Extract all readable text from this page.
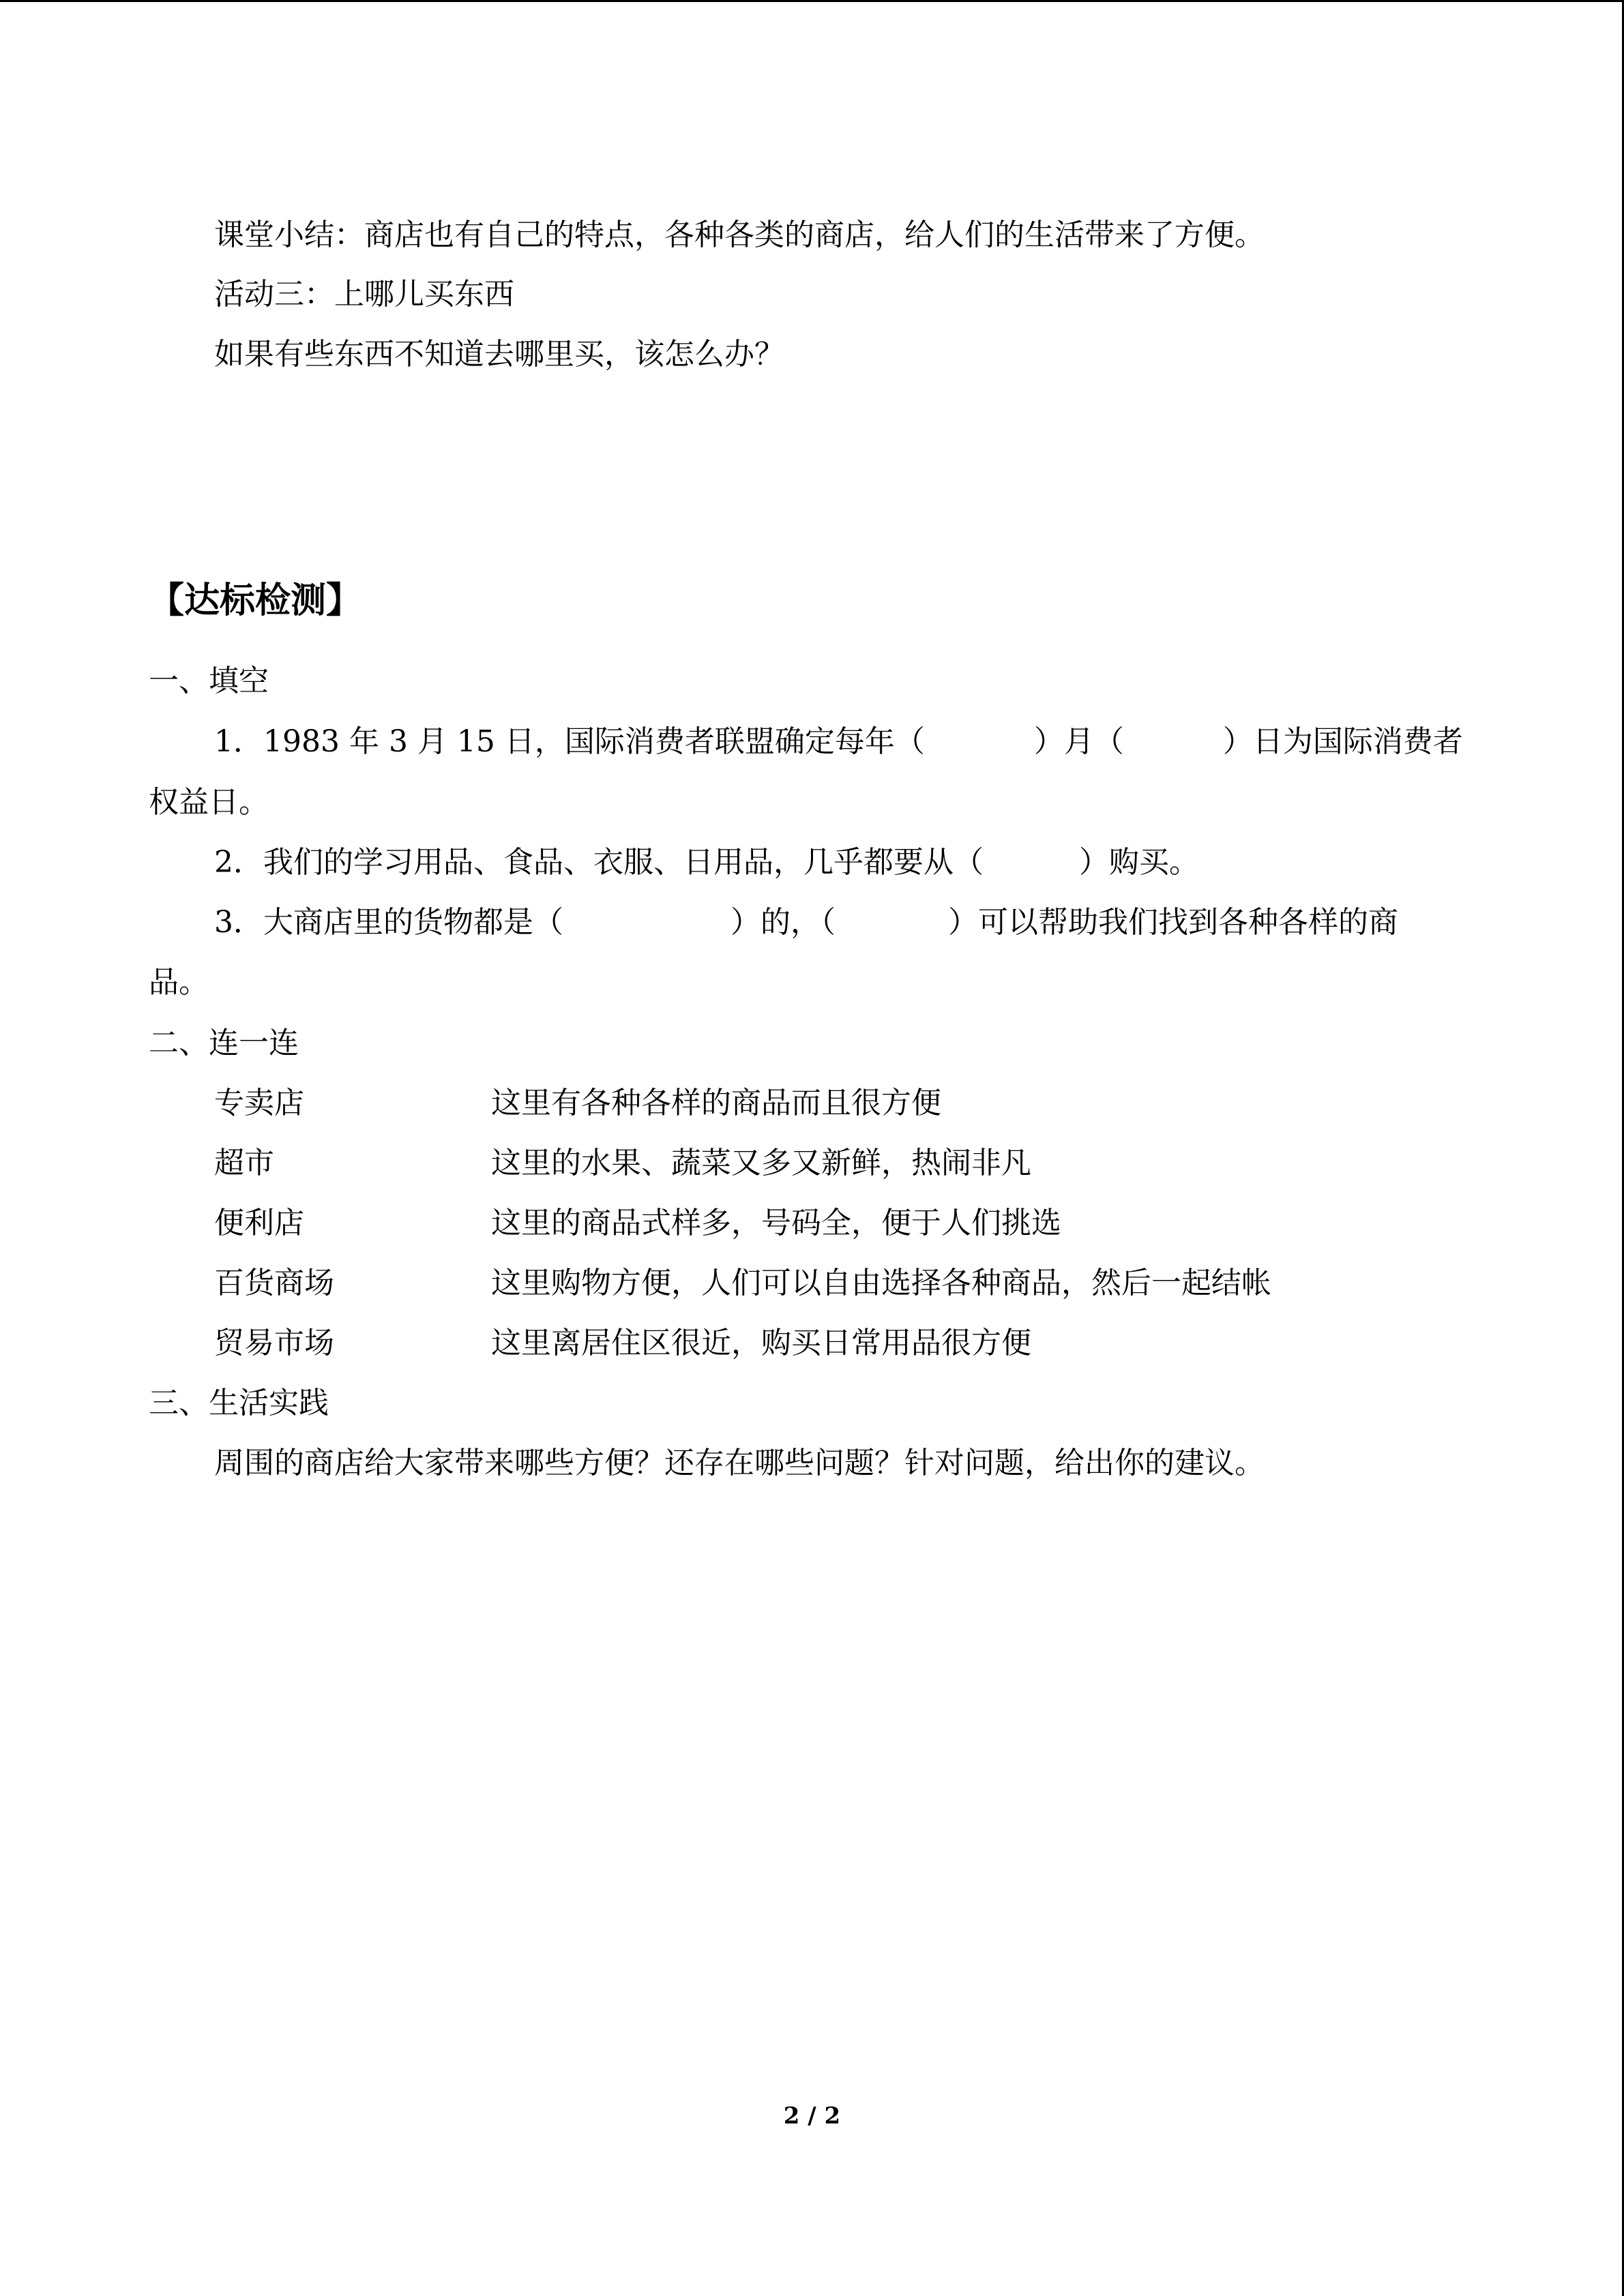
课堂小结：商店也有自己的特点，各种各类的商店，给人们的生活带来了方便。
活动三：上哪儿买东西
如果有些东西不知道去哪里买，该怎么办？
【达标检测】
一、填空
1．1983 年 3 月 15 日，国际消费者联盟确定每年（	）月（	）日为国际消费者
权益日。
2．我们的学习用品、食品、衣服、日用品，几乎都要从（	）购买。
3．大商店里的货物都是（	）的，（	）可以帮助我们找到各种各样的商
品。
二、连一连
专卖店	这里有各种各样的商品而且很方便
超市	这里的水果、蔬菜又多又新鲜，热闹非凡
便利店	这里的商品式样多，号码全，便于人们挑选
百货商场	这里购物方便，人们可以自由选择各种商品，然后一起结帐
贸易市场	这里离居住区很近，购买日常用品很方便
三、生活实践
周围的商店给大家带来哪些方便？还存在哪些问题？针对问题，给出你的建议。
2 / 2
